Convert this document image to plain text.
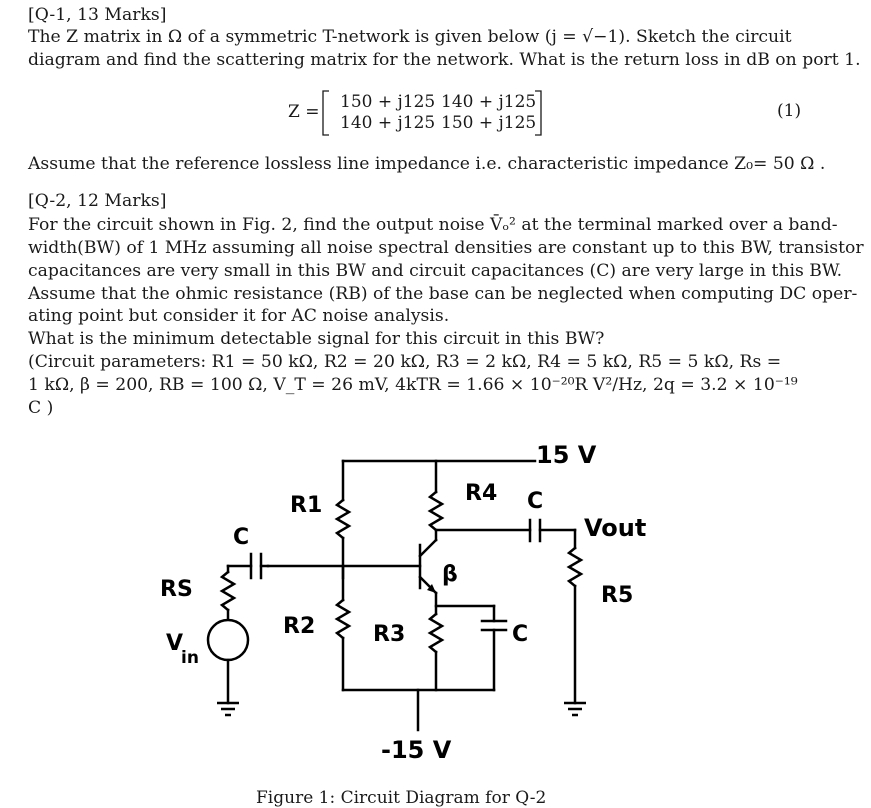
[Q-1, 13 Marks]
The Z matrix in Ω of a symmetric T-network is given below (j = √−1). Sketch the circuit
diagram and find the scattering matrix for the network. What is the return loss in dB on port 1.
Z = 150 + j125 140 + j125
140 + j125 150 + j125
(1)
Assume that the reference lossless line impedance i.e. characteristic impedance Z₀= 50 Ω .
[Q-2, 12 Marks]
For the circuit shown in Fig. 2, find the output noise V̄ₒ² at the terminal marked over a band-
width(BW) of 1 MHz assuming all noise spectral densities are constant up to this BW, transistor
capacitances are very small in this BW and circuit capacitances (C) are very large in this BW.
Assume that the ohmic resistance (RB) of the base can be neglected when computing DC oper-
ating point but consider it for AC noise analysis.
What is the minimum detectable signal for this circuit in this BW?
(Circuit parameters: R1 = 50 kΩ, R2 = 20 kΩ, R3 = 2 kΩ, R4 = 5 kΩ, R5 = 5 kΩ, Rs =
1 kΩ, β = 200, RB = 100 Ω, V_T = 26 mV, 4kTR = 1.66 × 10⁻²⁰R V²/Hz, 2q = 3.2 × 10⁻¹⁹
C )
15 V
-15 V
R1
R2	R3
R4
R5
RS
C
C
C
β
Vout
V
in
Figure 1: Circuit Diagram for Q-2
